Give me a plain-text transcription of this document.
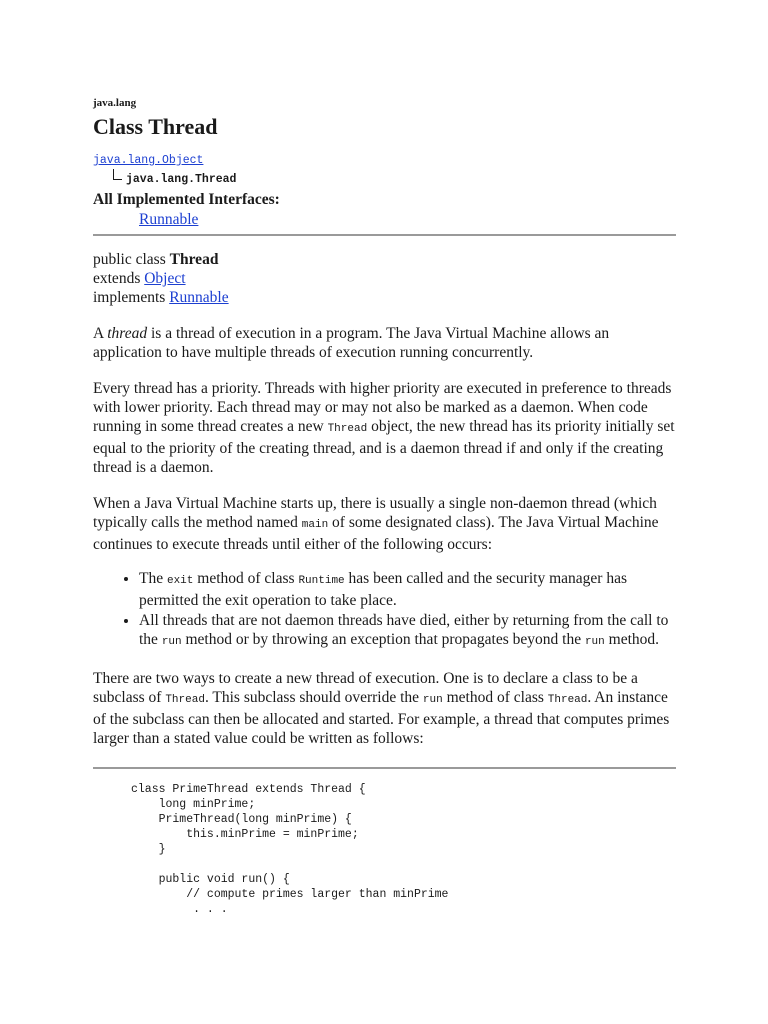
java.lang
Class Thread
java.lang.Object
java.lang.Thread
All Implemented Interfaces:
Runnable
public class Thread
extends Object
implements Runnable

A thread is a thread of execution in a program. The Java Virtual Machine allows an application to have multiple threads of execution running concurrently.

Every thread has a priority. Threads with higher priority are executed in preference to threads with lower priority. Each thread may or may not also be marked as a daemon. When code running in some thread creates a new Thread object, the new thread has its priority initially set equal to the priority of the creating thread, and is a daemon thread if and only if the creating thread is a daemon.

When a Java Virtual Machine starts up, there is usually a single non-daemon thread (which typically calls the method named main of some designated class). The Java Virtual Machine continues to execute threads until either of the following occurs:

• The exit method of class Runtime has been called and the security manager has permitted the exit operation to take place.
• All threads that are not daemon threads have died, either by returning from the call to the run method or by throwing an exception that propagates beyond the run method.

There are two ways to create a new thread of execution. One is to declare a class to be a subclass of Thread. This subclass should override the run method of class Thread. An instance of the subclass can then be allocated and started. For example, a thread that computes primes larger than a stated value could be written as follows:

class PrimeThread extends Thread {
long minPrime;
PrimeThread(long minPrime) {
this.minPrime = minPrime;
}

public void run() {
// compute primes larger than minPrime
. . .
